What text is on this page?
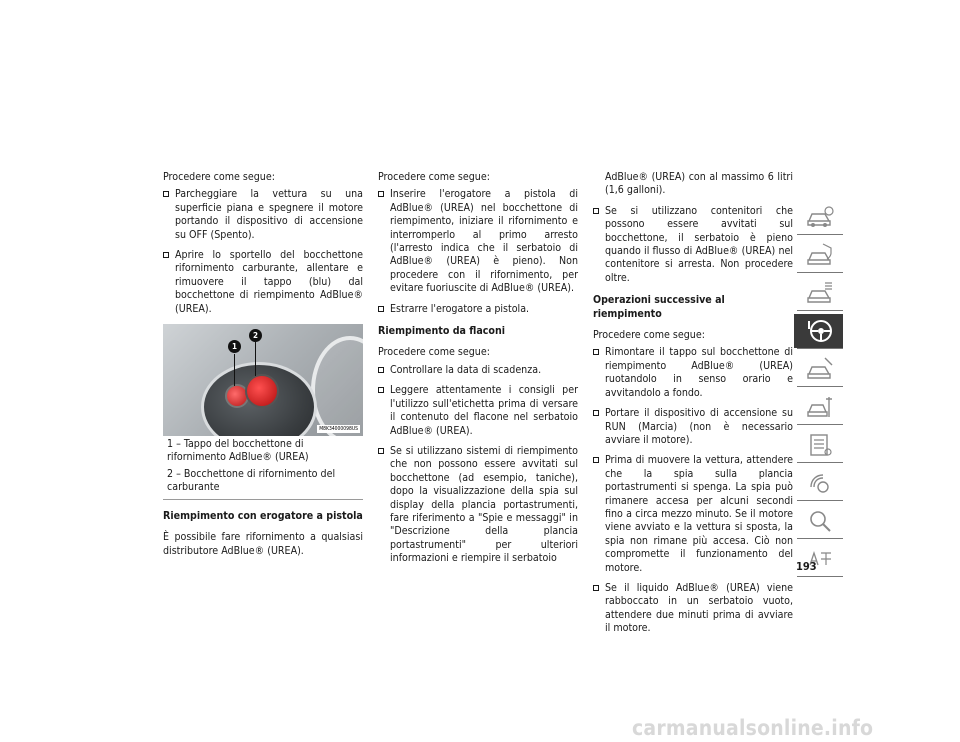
Procedere come segue:

Parcheggiare la vettura su una superficie piana e spegnere il motore portando il dispositivo di accensione su OFF (Spento).
Aprire lo sportello del bocchettone rifornimento carburante, allentare e rimuovere il tappo (blu) dal bocchettone di riempimento AdBlue® (UREA).
1
2
M8K34000098US
1 – Tappo del bocchettone di rifornimento AdBlue® (UREA)
2 – Bocchettone di rifornimento del carburante
Riempimento con erogatore a pistola

È possibile fare rifornimento a qualsiasi distributore AdBlue® (UREA).

Procedere come segue:

Inserire l'erogatore a pistola di AdBlue® (UREA) nel bocchettone di riempimento, iniziare il rifornimento e interromperlo al primo arresto (l'arresto indica che il serbatoio di AdBlue® (UREA) è pieno). Non procedere con il rifornimento, per evitare fuoriuscite di AdBlue® (UREA).
Estrarre l'erogatore a pistola.
Riempimento da flaconi

Procedere come segue:

Controllare la data di scadenza.
Leggere attentamente i consigli per l'utilizzo sull'etichetta prima di versare il contenuto del flacone nel serbatoio AdBlue® (UREA).
Se si utilizzano sistemi di riempimento che non possono essere avvitati sul bocchettone (ad esempio, taniche), dopo la visualizzazione della spia sul display della plancia portastrumenti, fare riferimento a "Spie e messaggi" in "Descrizione della plancia portastrumenti" per ulteriori informazioni e riempire il serbatoio
AdBlue® (UREA) con al massimo 6 litri (1,6 galloni).
Se si utilizzano contenitori che possono essere avvitati sul bocchettone, il serbatoio è pieno quando il flusso di AdBlue® (UREA) nel contenitore si arresta. Non procedere oltre.
Operazioni successive al riempimento

Procedere come segue:

Rimontare il tappo sul bocchettone di riempimento AdBlue® (UREA) ruotandolo in senso orario e avvitandolo a fondo.
Portare il dispositivo di accensione su RUN (Marcia) (non è necessario avviare il motore).
Prima di muovere la vettura, attendere che la spia sulla plancia portastrumenti si spenga. La spia può rimanere accesa per alcuni secondi fino a circa mezzo minuto. Se il motore viene avviato e la vettura si sposta, la spia non rimane più accesa. Ciò non compromette il funzionamento del motore.
Se il liquido AdBlue® (UREA) viene rabboccato in un serbatoio vuoto, attendere due minuti prima di avviare il motore.
193
carmanualsonline.info
